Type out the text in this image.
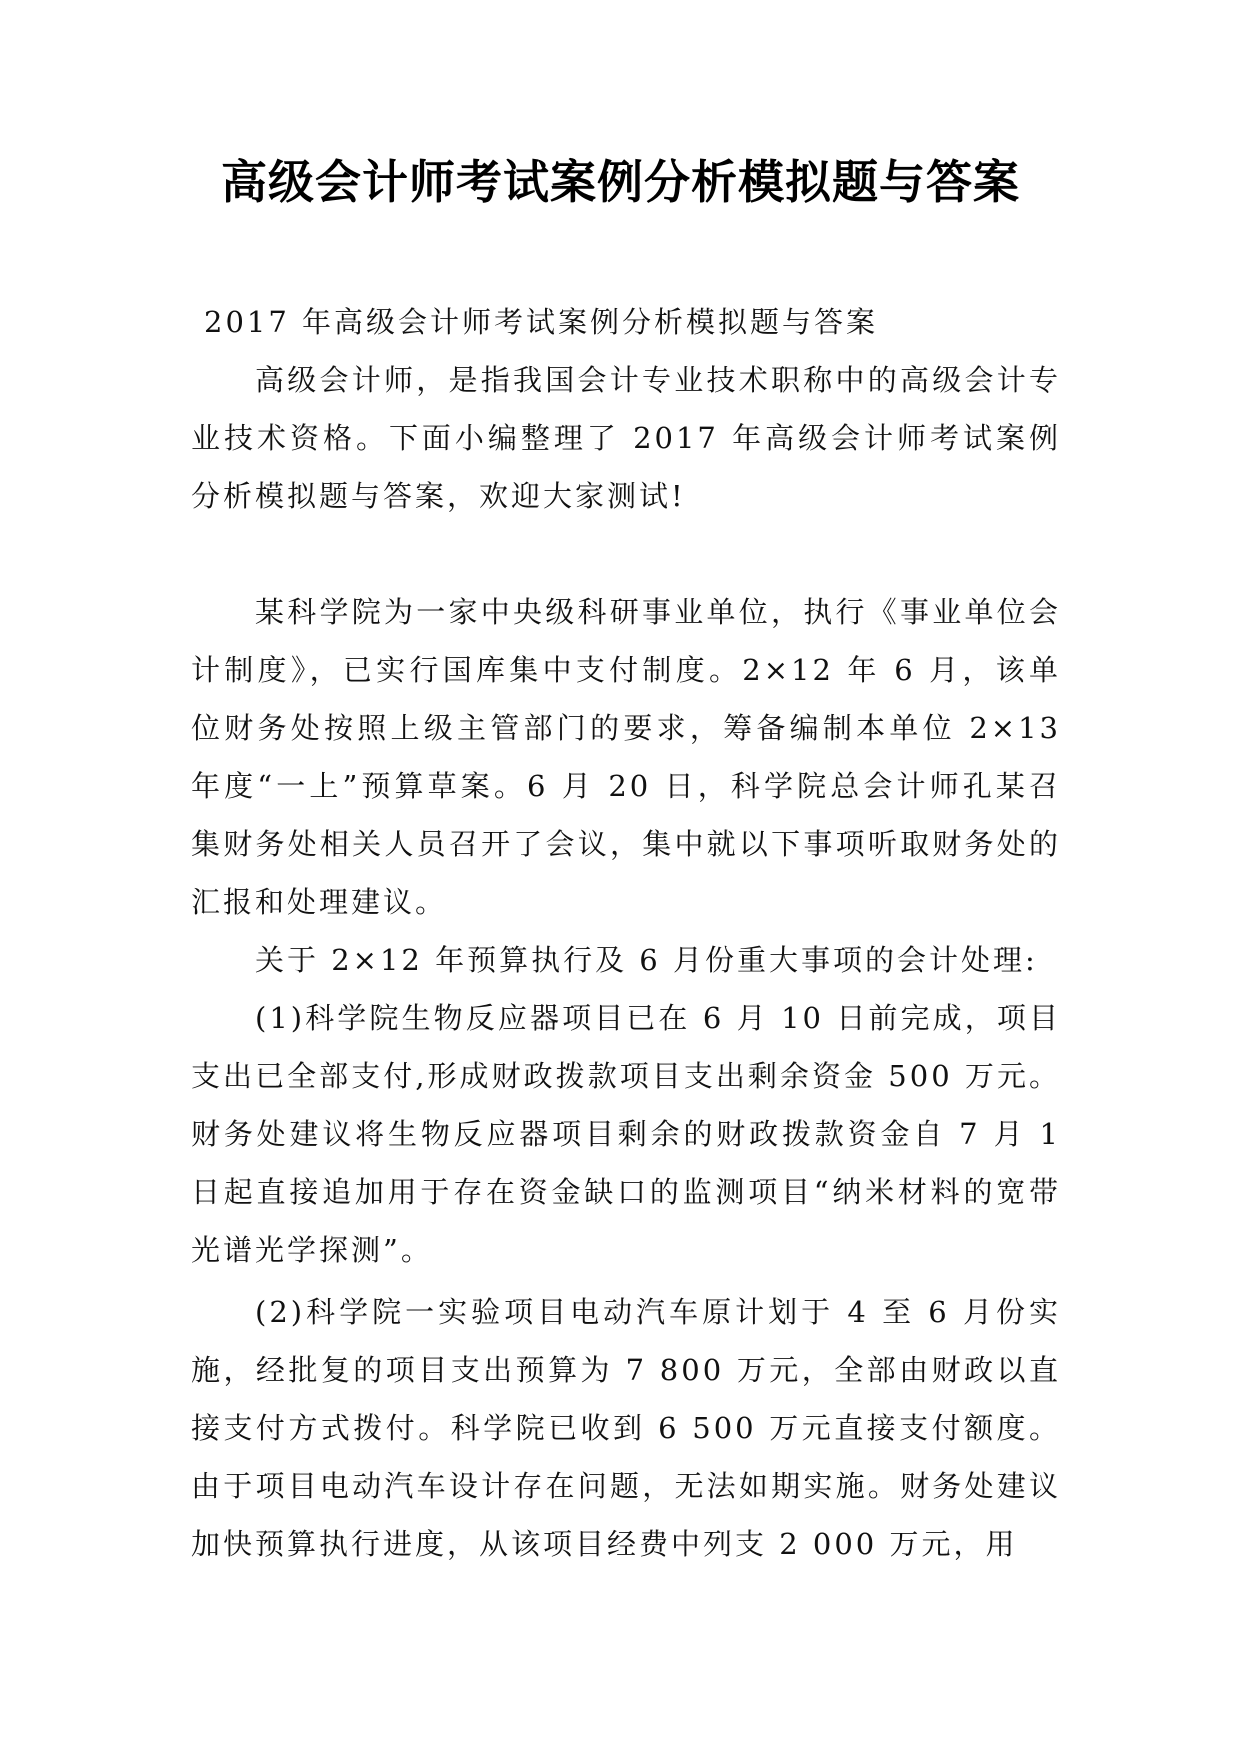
高级会计师考试案例分析模拟题与答案

2017 年高级会计师考试案例分析模拟题与答案

高级会计师，是指我国会计专业技术职称中的高级会计专业技术资格。下面小编整理了 2017 年高级会计师考试案例分析模拟题与答案，欢迎大家测试!

某科学院为一家中央级科研事业单位，执行《事业单位会计制度》，已实行国库集中支付制度。2×12 年 6 月，该单位财务处按照上级主管部门的要求，筹备编制本单位 2×13 年度“一上”预算草案。6 月 20 日，科学院总会计师孔某召集财务处相关人员召开了会议，集中就以下事项听取财务处的汇报和处理建议。

关于 2×12 年预算执行及 6 月份重大事项的会计处理:

(1)科学院生物反应器项目已在 6 月 10 日前完成，项目支出已全部支付,形成财政拨款项目支出剩余资金 500 万元。财务处建议将生物反应器项目剩余的财政拨款资金自 7 月 1 日起直接追加用于存在资金缺口的监测项目“纳米材料的宽带光谱光学探测”。

(2)科学院一实验项目电动汽车原计划于 4 至 6 月份实施，经批复的项目支出预算为 7 800 万元，全部由财政以直接支付方式拨付。科学院已收到 6 500 万元直接支付额度。由于项目电动汽车设计存在问题，无法如期实施。财务处建议加快预算执行进度，从该项目经费中列支 2 000 万元，用
